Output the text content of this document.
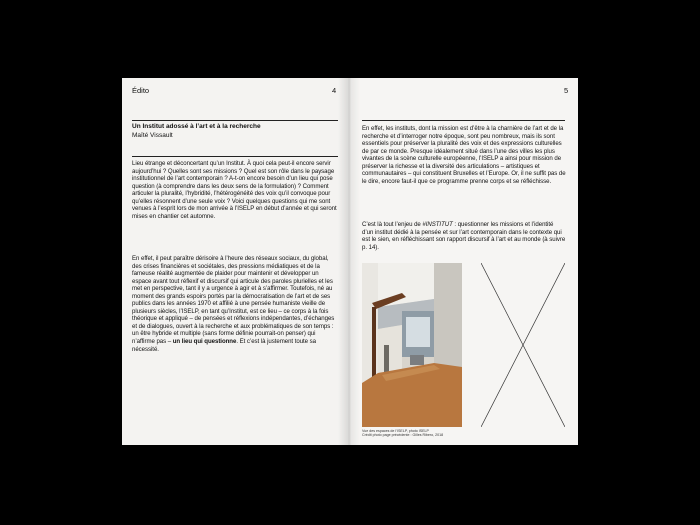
Édito	4
Un Institut adossé à l’art et à la recherche
Maïté Vissault
Lieu étrange et déconcertant qu’un Institut. À quoi cela peut-il encore servir aujourd’hui ? Quelles sont ses missions ? Quel est son rôle dans le paysage institutionnel de l’art contemporain ? A-t-on encore besoin d’un lieu qui pose question (à comprendre dans les deux sens de la formulation) ? Comment articuler la pluralité, l’hybridité, l’hétérogénéité des voix qu’il convoque pour qu’elles résonnent d’une seule voix ? Voici quelques questions qui me sont venues à l’esprit lors de mon arrivée à l’ISELP en début d’année et qui seront mises en chantier cet automne.
En effet, il peut paraître dérisoire à l’heure des réseaux sociaux, du global, des crises financières et sociétales, des pressions médiatiques et de la fameuse réalité augmentée de plaider pour maintenir et développer un espace avant tout réflexif et discursif qui articule des paroles plurielles et les met en perspective, tant il y a urgence à agir et à s’affirmer. Toutefois, né au moment des grands espoirs portés par la démocratisation de l’art et de ses publics dans les années 1970 et affilié à une pensée humaniste vieille de plusieurs siècles, l’ISELP, en tant qu’Institut, est ce lieu – ce corps à la fois théorique et appliqué – de pensées et réflexions indépendantes, d’échanges et de dialogues, ouvert à la recherche et aux problématiques de son temps : un être hybride et multiple (sans forme définie pourrait-on penser) qui n’affirme pas – un lieu qui questionne. Et c’est là justement toute sa nécessité.
5
En effet, les instituts, dont la mission est d’être à la charnière de l’art et de la recherche et d’interroger notre époque, sont peu nombreux, mais ils sont essentiels pour préserver la pluralité des voix et des expressions culturelles de par ce monde. Presque idéalement situé dans l’une des villes les plus vivantes de la scène culturelle européenne, l’ISELP a ainsi pour mission de préserver la richesse et la diversité des articulations – artistiques et communautaires – qui constituent Bruxelles et l’Europe. Or, il ne suffit pas de le dire, encore faut-il que ce programme prenne corps et se réfléchisse.
C’est là tout l’enjeu de #INSTITUT : questionner les missions et l’identité d’un institut dédié à la pensée et sur l’art contemporain dans le contexte qui est le sien, en réfléchissant son rapport discursif à l’art et au monde (à suivre p. 14).
Vue des espaces de l’ISELP, photo ISELP
Crédit photo page précédente : Gilles Ribero, 2018
